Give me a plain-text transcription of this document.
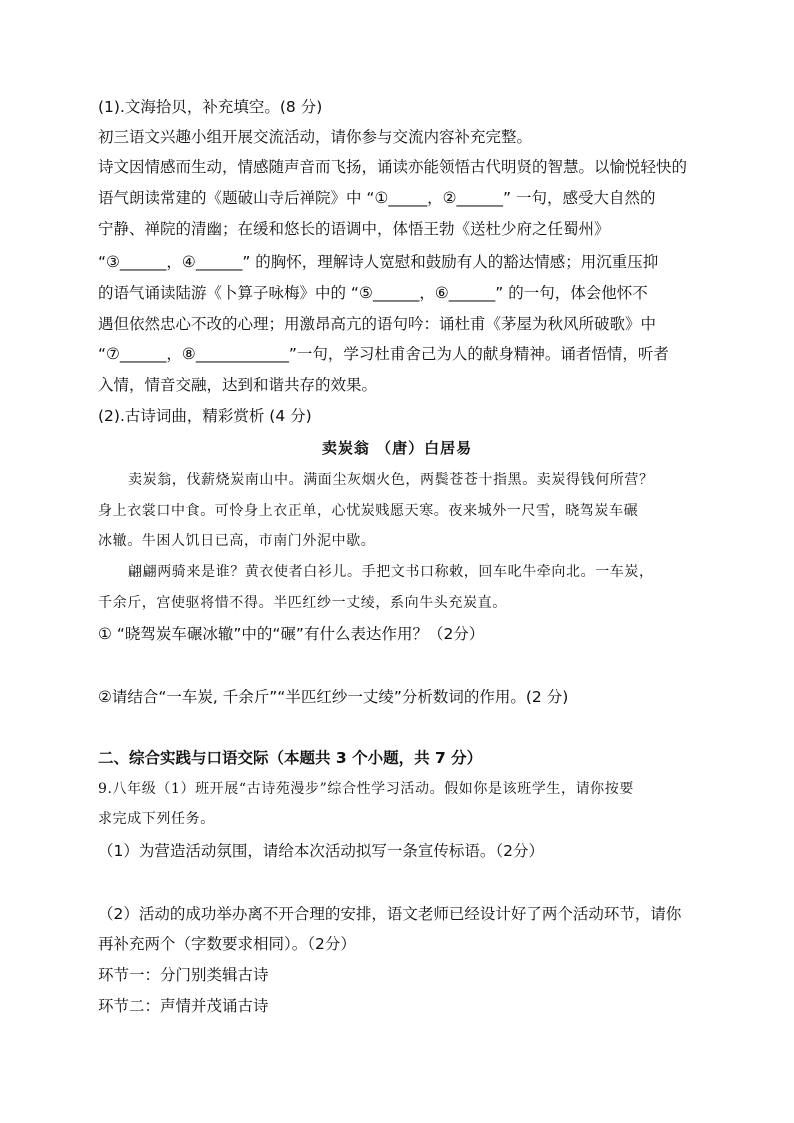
(1).文海拾贝，补充填空。(8 分)
初三语文兴趣小组开展交流活动，请你参与交流内容补充完整。
诗文因情感而生动，情感随声音而飞扬，诵读亦能领悟古代明贤的智慧。以愉悦轻快的
语气朗读常建的《题破山寺后禅院》中 “①_____，②______” 一句，感受大自然的
宁静、禅院的清幽；在缓和悠长的语调中，体悟王勃《送杜少府之任蜀州》
“③______，④______” 的胸怀，理解诗人宽慰和鼓励有人的豁达情感；用沉重压抑
的语气诵读陆游《卜算子咏梅》中的 “⑤______，⑥______” 的一句，体会他怀不
遇但依然忠心不改的心理；用激昂高亢的语句吟：诵杜甫《茅屋为秋风所破歌》中
“⑦______，⑧____________”一句，学习杜甫舍己为人的献身精神。诵者悟情，听者
入情，情音交融，达到和谐共存的效果。
(2).古诗词曲，精彩赏析 (4 分)
卖炭翁 （唐）白居易
卖炭翁，伐薪烧炭南山中。满面尘灰烟火色，两鬓苍苍十指黑。卖炭得钱何所营？
身上衣裳口中食。可怜身上衣正单，心忧炭贱愿天寒。夜来城外一尺雪，晓驾炭车碾
冰辙。牛困人饥日已高，市南门外泥中歇。
翩翩两骑来是谁？黄衣使者白衫儿。手把文书口称敕，回车叱牛牵向北。一车炭，
千余斤，宫使驱将惜不得。半匹红纱一丈绫，系向牛头充炭直。
① “晓驾炭车碾冰辙”中的“碾”有什么表达作用？（2分）
②请结合“一车炭, 千余斤”“半匹红纱一丈绫”分析数词的作用。(2 分)
二、综合实践与口语交际（本题共 3 个小题，共 7 分）
9.八年级（1）班开展“古诗苑漫步”综合性学习活动。假如你是该班学生，请你按要
求完成下列任务。
（1）为营造活动氛围，请给本次活动拟写一条宣传标语。（2分）
（2）活动的成功举办离不开合理的安排，语文老师已经设计好了两个活动环节，请你
再补充两个（字数要求相同）。（2分）
环节一：分门别类辑古诗
环节二：声情并茂诵古诗
